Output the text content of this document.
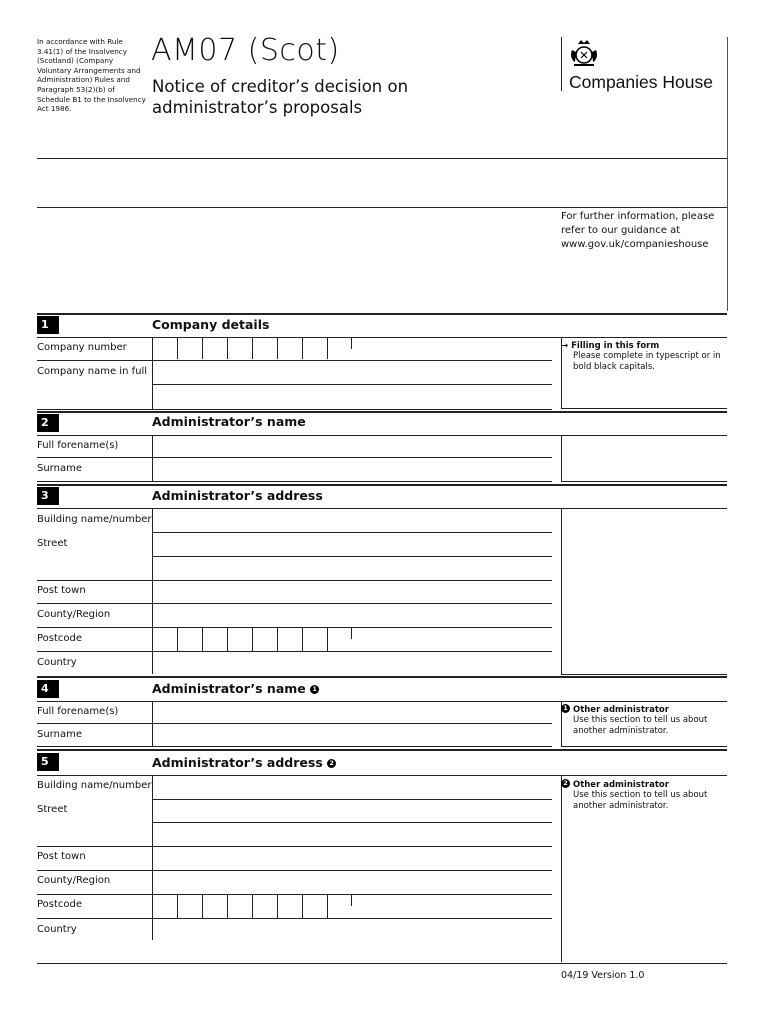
In accordance with Rule 3.41(1) of the Insolvency (Scotland) (Company Voluntary Arrangements and Administration) Rules and Paragraph 53(2)(b) of Schedule B1 to the Insolvency Act 1986.
AM07 (Scot)
Notice of creditor’s decision on administrator’s proposals
Companies House
For further information, please refer to our guidance at www.gov.uk/companieshouse
1	Company details
Company number
Company name in full
→ Filling in this form
Please complete in typescript or in bold black capitals.
2	Administrator’s name
Full forename(s)
Surname
3	Administrator’s address
Building name/number
Street
Post town
County/Region
Postcode
Country
4	Administrator’s name 1
Full forename(s)
Surname
1 Other administrator
Use this section to tell us about another administrator.
5	Administrator’s address 2
Building name/number
Street
Post town
County/Region
Postcode
Country
2 Other administrator
Use this section to tell us about another administrator.
04/19 Version 1.0
